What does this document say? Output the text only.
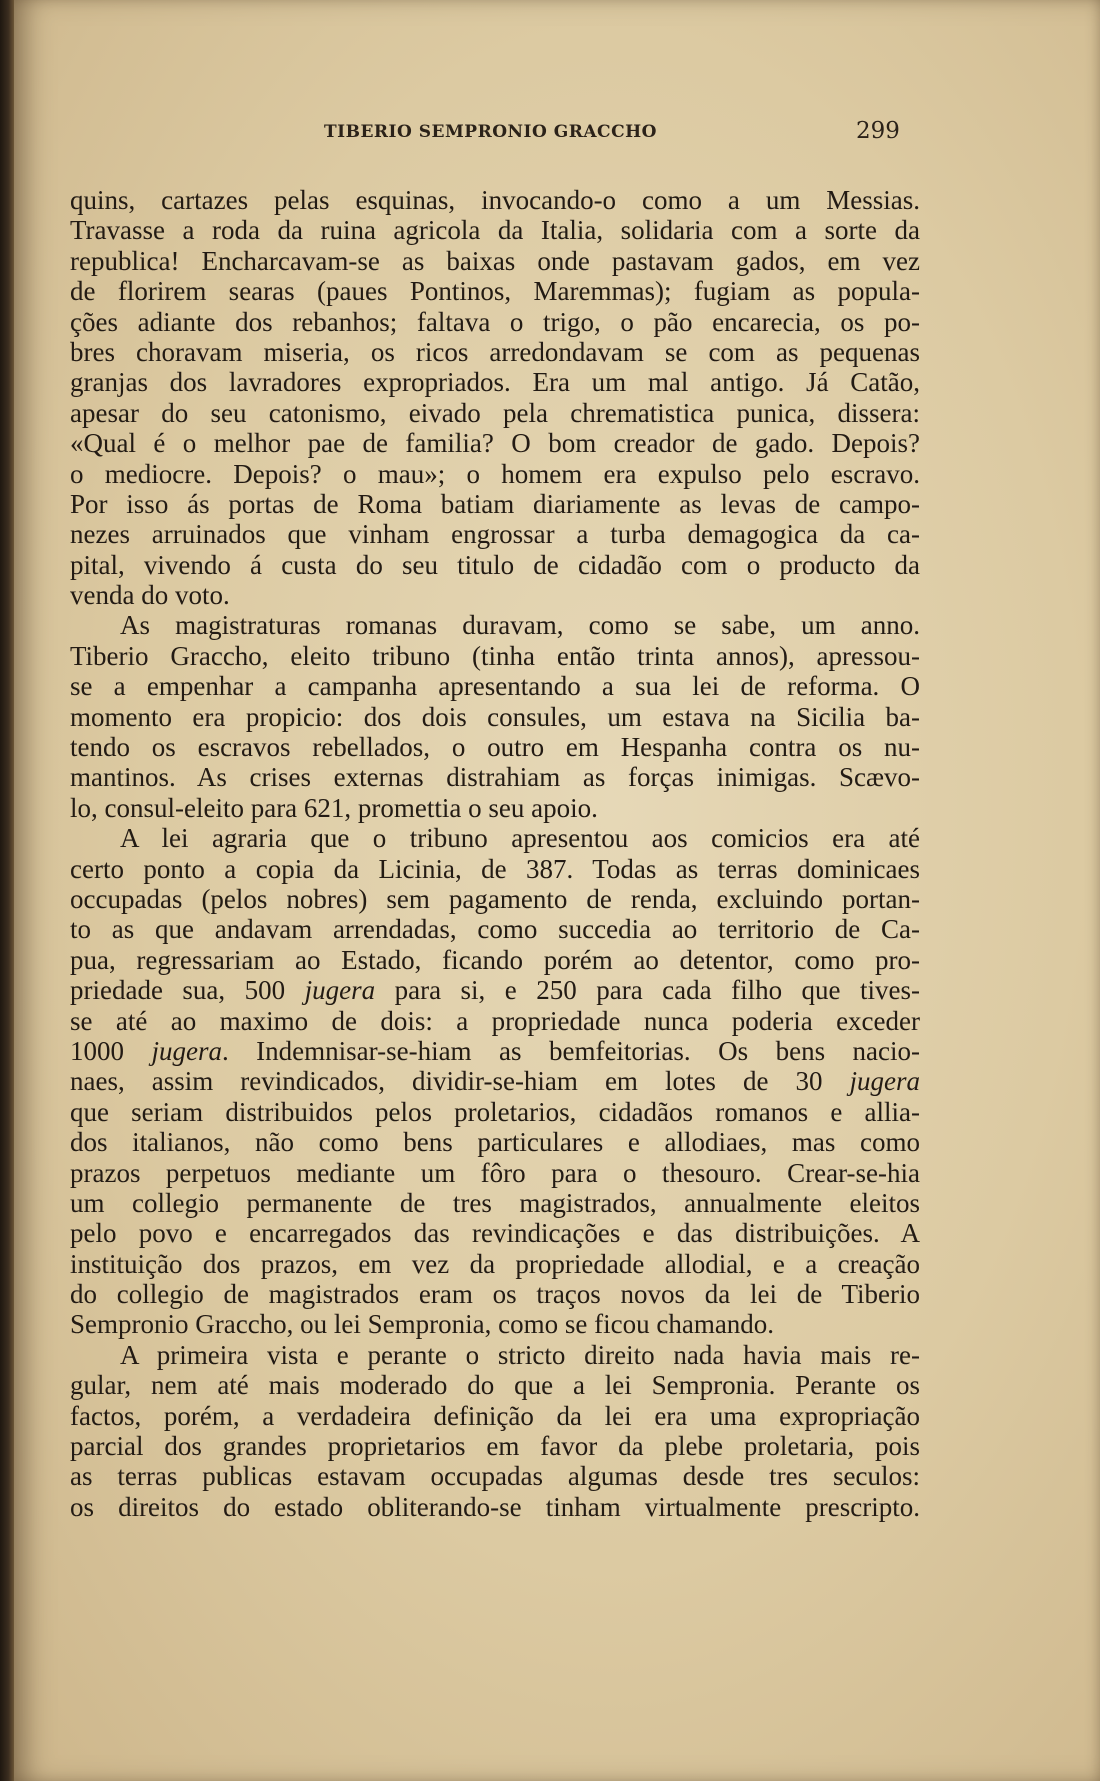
TIBERIO SEMPRONIO GRACCHO	299
quins, cartazes pelas esquinas, invocando-o como a um Messias.
Travasse a roda da ruina agricola da Italia, solidaria com a sorte da
republica! Encharcavam-se as baixas onde pastavam gados, em vez
de florirem searas (paues Pontinos, Maremmas); fugiam as popula-
ções adiante dos rebanhos; faltava o trigo, o pão encarecia, os po-
bres choravam miseria, os ricos arredondavam se com as pequenas
granjas dos lavradores expropriados. Era um mal antigo. Já Catão,
apesar do seu catonismo, eivado pela chrematistica punica, dissera:
«Qual é o melhor pae de familia? O bom creador de gado. Depois?
o mediocre. Depois? o mau»; o homem era expulso pelo escravo.
Por isso ás portas de Roma batiam diariamente as levas de campo-
nezes arruinados que vinham engrossar a turba demagogica da ca-
pital, vivendo á custa do seu titulo de cidadão com o producto da
venda do voto.
As magistraturas romanas duravam, como se sabe, um anno.
Tiberio Graccho, eleito tribuno (tinha então trinta annos), apressou-
se a empenhar a campanha apresentando a sua lei de reforma. O
momento era propicio: dos dois consules, um estava na Sicilia ba-
tendo os escravos rebellados, o outro em Hespanha contra os nu-
mantinos. As crises externas distrahiam as forças inimigas. Scævo-
lo, consul-eleito para 621, promettia o seu apoio.
A lei agraria que o tribuno apresentou aos comicios era até
certo ponto a copia da Licinia, de 387. Todas as terras dominicaes
occupadas (pelos nobres) sem pagamento de renda, excluindo portan-
to as que andavam arrendadas, como succedia ao territorio de Ca-
pua, regressariam ao Estado, ficando porém ao detentor, como pro-
priedade sua, 500 jugera para si, e 250 para cada filho que tives-
se até ao maximo de dois: a propriedade nunca poderia exceder
1000 jugera. Indemnisar-se-hiam as bemfeitorias. Os bens nacio-
naes, assim revindicados, dividir-se-hiam em lotes de 30 jugera
que seriam distribuidos pelos proletarios, cidadãos romanos e allia-
dos italianos, não como bens particulares e allodiaes, mas como
prazos perpetuos mediante um fôro para o thesouro. Crear-se-hia
um collegio permanente de tres magistrados, annualmente eleitos
pelo povo e encarregados das revindicações e das distribuições. A
instituição dos prazos, em vez da propriedade allodial, e a creação
do collegio de magistrados eram os traços novos da lei de Tiberio
Sempronio Graccho, ou lei Sempronia, como se ficou chamando.
A primeira vista e perante o stricto direito nada havia mais re-
gular, nem até mais moderado do que a lei Sempronia. Perante os
factos, porém, a verdadeira definição da lei era uma expropriação
parcial dos grandes proprietarios em favor da plebe proletaria, pois
as terras publicas estavam occupadas algumas desde tres seculos:
os direitos do estado obliterando-se tinham virtualmente prescripto.
